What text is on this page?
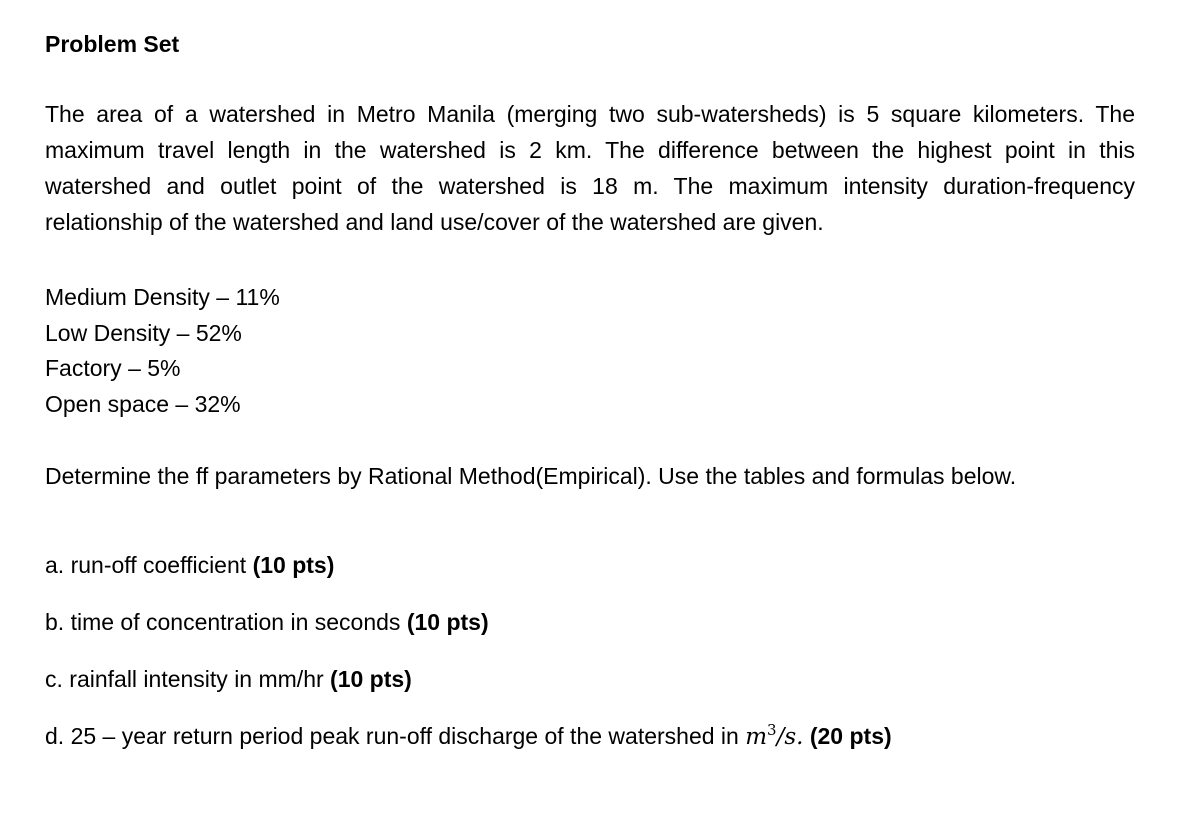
Problem Set

The area of a watershed in Metro Manila (merging two sub-watersheds) is 5 square kilometers. The maximum travel length in the watershed is 2 km. The difference between the highest point in this watershed and outlet point of the watershed is 18 m. The maximum intensity duration-frequency relationship of the watershed and land use/cover of the watershed are given.

Medium Density – 11%
Low Density – 52%
Factory – 5%
Open space – 32%

Determine the ff parameters by Rational Method(Empirical). Use the tables and formulas below.

a. run-off coefficient (10 pts)
b. time of concentration in seconds (10 pts)
c. rainfall intensity in mm/hr (10 pts)
d. 25 – year return period peak run-off discharge of the watershed in $m^3/s$. (20 pts)
